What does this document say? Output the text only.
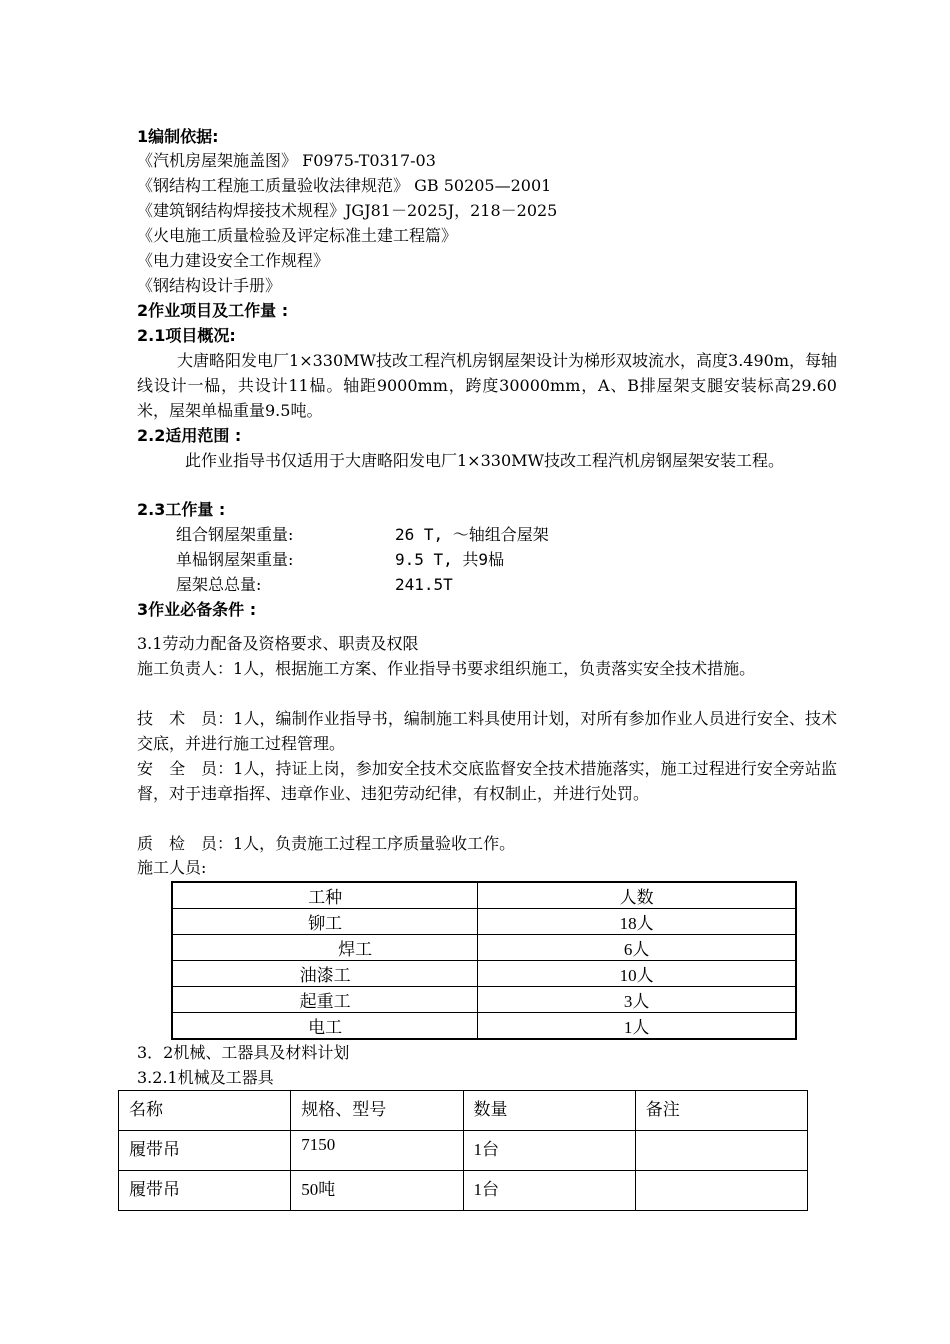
1编制依据:
《汽机房屋架施盖图》 F0975-T0317-03
《钢结构工程施工质量验收法律规范》 GB 50205—2001
《建筑钢结构焊接技术规程》JGJ81－2025J，218－2025
《火电施工质量检验及评定标准土建工程篇》
《电力建设安全工作规程》
《钢结构设计手册》
2作业项目及工作量 :
2.1项目概况:
大唐略阳发电厂1×330MW技改工程汽机房钢屋架设计为梯形双坡流水，高度3.490m，每轴线设计一榀，共设计11榀。轴距9000mm，跨度30000mm，A、B排屋架支腿安装标高29.60米，屋架单榀重量9.5吨。
2.2适用范围 :
此作业指导书仅适用于大唐略阳发电厂1×330MW技改工程汽机房钢屋架安装工程。
2.3工作量 :
组合钢屋架重量:	26 T, ～轴组合屋架
单榀钢屋架重量:	9.5 T, 共9榀
屋架总总量:	241.5T
3作业必备条件 :
3.1劳动力配备及资格要求、职责及权限
施工负责人：1人，根据施工方案、作业指导书要求组织施工，负责落实安全技术措施。
技　术　员：1人，编制作业指导书，编制施工料具使用计划，对所有参加作业人员进行安全、技术交底，并进行施工过程管理。
安　全　员：1人，持证上岗，参加安全技术交底监督安全技术措施落实，施工过程进行安全旁站监督，对于违章指挥、违章作业、违犯劳动纪律，有权制止，并进行处罚。
质　检　员：1人，负责施工过程工序质量验收工作。
施工人员:
工种	人数
铆工	18人
焊工	6人
油漆工	10人
起重工	3人
电工	1人
3．2机械、工器具及材料计划
3.2.1机械及工器具
名称	规格、型号	数量	备注
履带吊	7150	1台	
履带吊	50吨	1台	
